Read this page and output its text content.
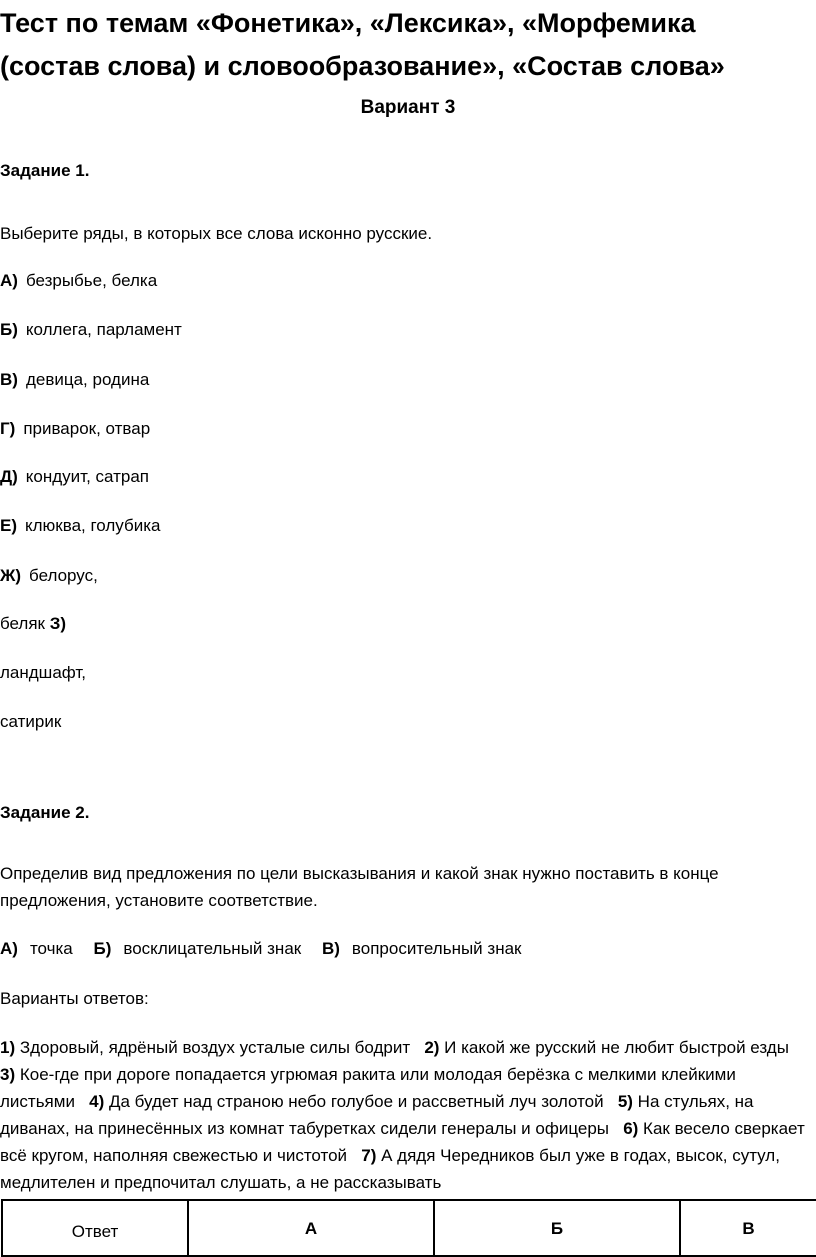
Тест по темам «Фонетика», «Лексика», «Морфемика (состав слова) и словообразование», «Состав слова»
Вариант 3

Задание 1.

Выберите ряды, в которых все слова исконно русские.

А) безрыбье, белка

Б) коллега, парламент

В) девица, родина

Г) приварок, отвар

Д) кондуит, сатрап

Е) клюква, голубика

Ж) белорус,

беляк З)

ландшафт,

сатирик

Задание 2.

Определив вид предложения по цели высказывания и какой знак нужно поставить в конце предложения, установите соответствие.

А) точка Б) восклицательный знак В) вопросительный знак

Варианты ответов:

1) Здоровый, ядрёный воздух усталые силы бодрит 2) И какой же русский не любит быстрой езды   3) Кое-где при дороге попадается угрюмая ракита или молодая берёзка с мелкими клейкими листьями 4) Да будет над страною небо голубое и рассветный луч золотой 5) На стульях, на диванах, на принесённых из комнат табуретках сидели генералы и офицеры 6) Как весело сверкает всё кругом, наполняя свежестью и чистотой 7) А дядя Чередников был уже в годах, высок, сутул, медлителен и предпочитал слушать, а не рассказывать

Ответ	А	Б	В
